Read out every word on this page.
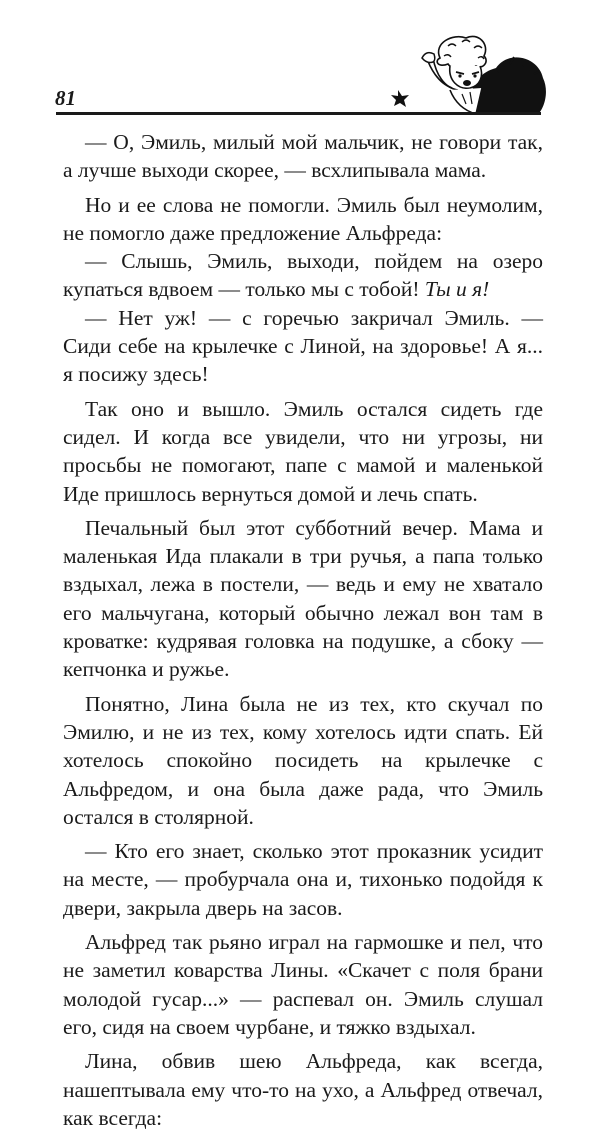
81

— О, Эмиль, милый мой мальчик, не говори так, а лучше выходи скорее, — всхлипывала мама.

Но и ее слова не помогли. Эмиль был неумолим, не помогло даже предложение Альфреда:

— Слышь, Эмиль, выходи, пойдем на озеро купаться вдвоем — только мы с тобой! Ты и я!

— Нет уж! — с горечью закричал Эмиль. — Сиди себе на крылечке с Линой, на здоровье! А я... я посижу здесь!

Так оно и вышло. Эмиль остался сидеть где сидел. И когда все увидели, что ни угрозы, ни просьбы не помогают, папе с мамой и маленькой Иде пришлось вернуться домой и лечь спать.

Печальный был этот субботний вечер. Мама и маленькая Ида плакали в три ручья, а папа только вздыхал, лежа в постели, — ведь и ему не хватало его мальчугана, который обычно лежал вон там в кроватке: кудрявая головка на подушке, а сбоку — кепчонка и ружье.

Понятно, Лина была не из тех, кто скучал по Эмилю, и не из тех, кому хотелось идти спать. Ей хотелось спокойно посидеть на крылечке с Альфредом, и она была даже рада, что Эмиль остался в столярной.

— Кто его знает, сколько этот проказник усидит на месте, — пробурчала она и, тихонько подойдя к двери, закрыла дверь на засов.

Альфред так рьяно играл на гармошке и пел, что не заметил коварства Лины. «Скачет с поля брани молодой гусар...» — распевал он. Эмиль слушал его, сидя на своем чурбане, и тяжко вздыхал.

Лина, обвив шею Альфреда, как всегда, нашептывала ему что-то на ухо, а Альфред отвечал, как всегда:
